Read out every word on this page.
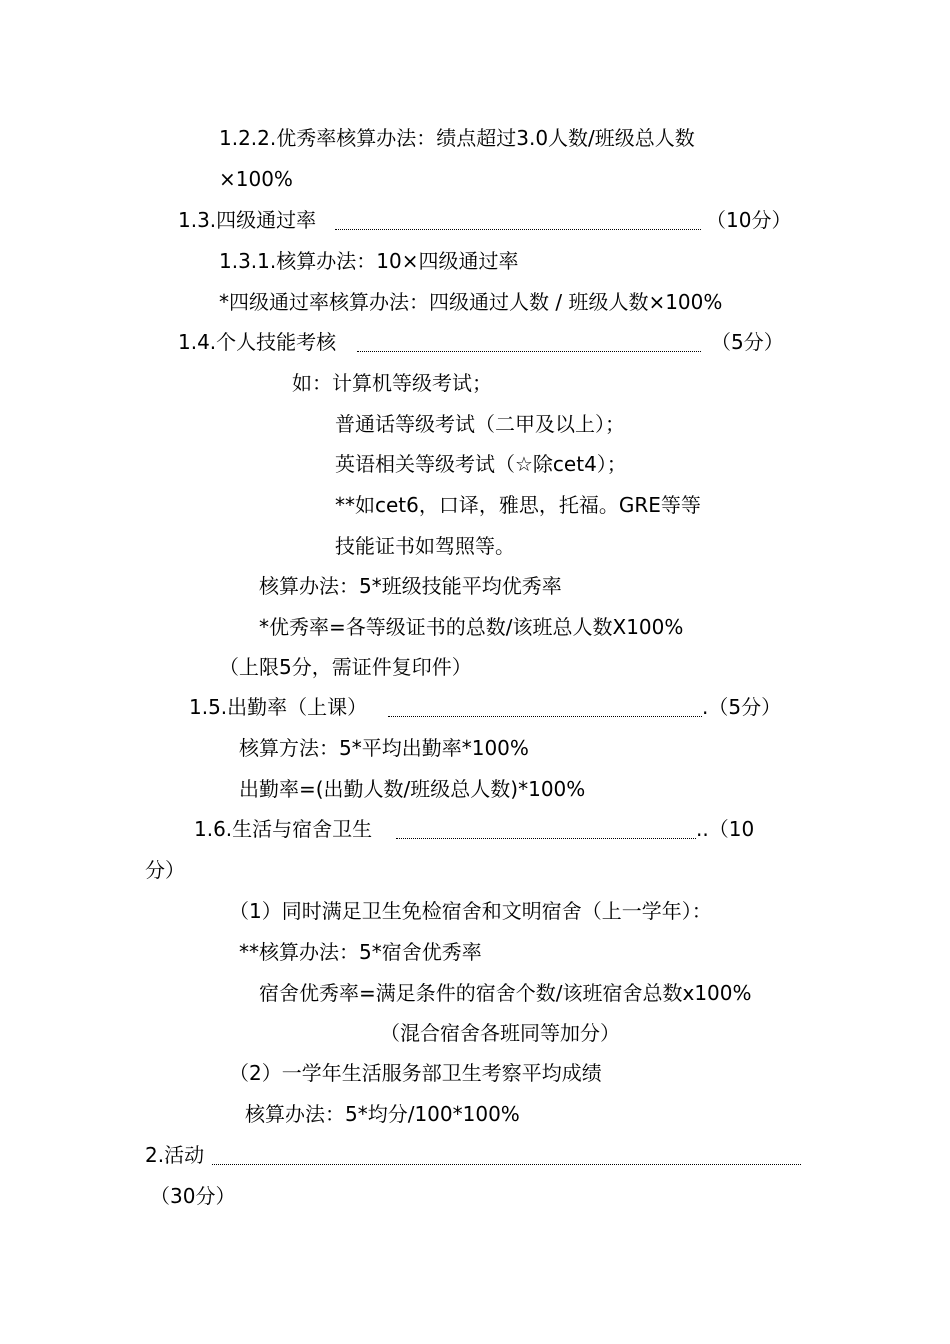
1.2.2.优秀率核算办法：绩点超过3.0人数/班级总人数
×100%
1.3.四级通过率	（10分）
1.3.1.核算办法：10×四级通过率
*四级通过率核算办法：四级通过人数 / 班级人数×100%
1.4.个人技能考核	（5分）
如：计算机等级考试；
普通话等级考试（二甲及以上）；
英语相关等级考试（☆除cet4）；
**如cet6，口译，雅思，托福。GRE等等
技能证书如驾照等。
核算办法：5*班级技能平均优秀率
*优秀率=各等级证书的总数/该班总人数X100%
（上限5分，需证件复印件）
1.5.出勤率（上课）	.（5分）
核算方法：5*平均出勤率*100%
出勤率=(出勤人数/班级总人数)*100%
1.6.生活与宿舍卫生	..（10
分）
（1）同时满足卫生免检宿舍和文明宿舍（上一学年）：
**核算办法：5*宿舍优秀率
宿舍优秀率=满足条件的宿舍个数/该班宿舍总数x100%
（混合宿舍各班同等加分）
（2）一学年生活服务部卫生考察平均成绩
核算办法：5*均分/100*100%
2.活动
（30分）
